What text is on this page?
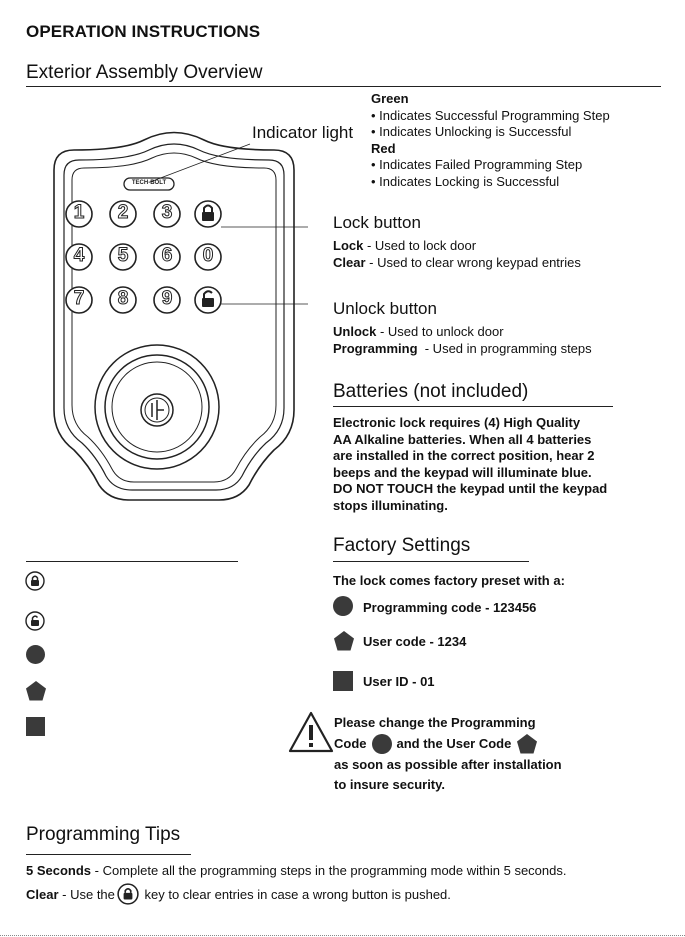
OPERATION INSTRUCTIONS
Exterior Assembly Overview
1 2 3
4 5 6 0
7 8 9
TECH-BOLT
Indicator light
Green
• Indicates Successful Programming Step
• Indicates Unlocking is Successful
Red
• Indicates Failed Programming Step
• Indicates Locking is Successful
Lock button
Lock - Used to lock door
Clear - Used to clear wrong keypad entries
Unlock button
Unlock - Used to unlock door
Programming  - Used in programming steps
Batteries (not included)
Electronic lock requires (4) High Quality
AA Alkaline batteries. When all 4 batteries
are installed in the correct position, hear 2
beeps and the keypad will illuminate blue.
DO NOT TOUCH the keypad until the keypad
stops illuminating.
Factory Settings
The lock comes factory preset with a:
Programming code - 123456
User code - 1234
User ID - 01
Please change the Programming
Code and the User Code
as soon as possible after installation
to insure security.
Programming Tips
5 Seconds - Complete all the programming steps in the programming mode within 5 seconds.
Clear - Use the key to clear entries in case a wrong button is pushed.
